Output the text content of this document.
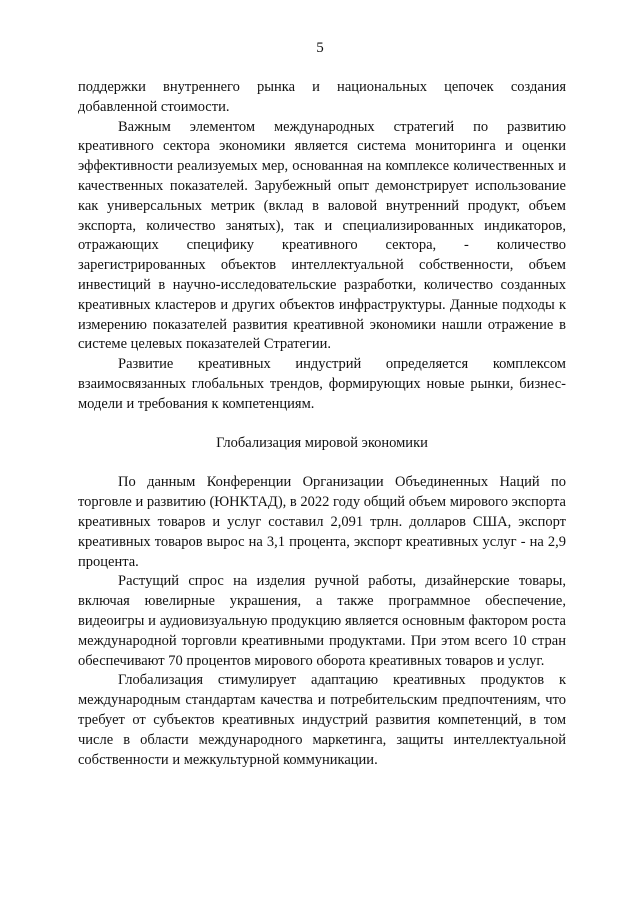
5

поддержки внутреннего рынка и национальных цепочек создания добавленной стоимости.

Важным элементом международных стратегий по развитию креативного сектора экономики является система мониторинга и оценки эффективности реализуемых мер, основанная на комплексе количественных и качественных показателей. Зарубежный опыт демонстрирует использование как универсальных метрик (вклад в валовой внутренний продукт, объем экспорта, количество занятых), так и специализированных индикаторов, отражающих специфику креативного сектора, - количество зарегистрированных объектов интеллектуальной собственности, объем инвестиций в научно-исследовательские разработки, количество созданных креативных кластеров и других объектов инфраструктуры. Данные подходы к измерению показателей развития креативной экономики нашли отражение в системе целевых показателей Стратегии.

Развитие креативных индустрий определяется комплексом взаимосвязанных глобальных трендов, формирующих новые рынки, бизнес-модели и требования к компетенциям.

Глобализация мировой экономики

По данным Конференции Организации Объединенных Наций по торговле и развитию (ЮНКТАД), в 2022 году общий объем мирового экспорта креативных товаров и услуг составил 2,091 трлн. долларов США, экспорт креативных товаров вырос на 3,1 процента, экспорт креативных услуг - на 2,9 процента.

Растущий спрос на изделия ручной работы, дизайнерские товары, включая ювелирные украшения, а также программное обеспечение, видеоигры и аудиовизуальную продукцию является основным фактором роста международной торговли креативными продуктами. При этом всего 10 стран обеспечивают 70 процентов мирового оборота креативных товаров и услуг.

Глобализация стимулирует адаптацию креативных продуктов к международным стандартам качества и потребительским предпочтениям, что требует от субъектов креативных индустрий развития компетенций, в том числе в области международного маркетинга, защиты интеллектуальной собственности и межкультурной коммуникации.
